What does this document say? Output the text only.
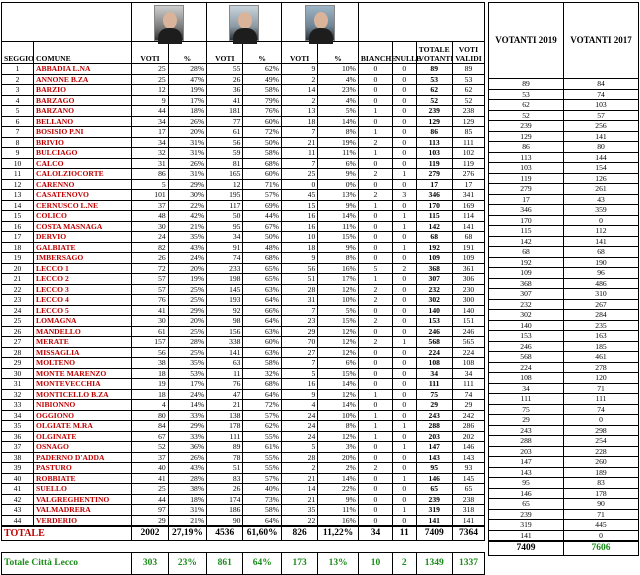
SEGGIO	COMUNE	VOTI	%	VOTI	%	VOTI	%	BIANCHE	NULLE	TOTALE VOTANTI	VOTI VALIDI
1	ABBADIA L.NA	25	28%	55	62%	9	10%	0	0	89	89
2	ANNONE B.ZA	25	47%	26	49%	2	4%	0	0	53	53
3	BARZIO	12	19%	36	58%	14	23%	0	0	62	62
4	BARZAGO	9	17%	41	79%	2	4%	0	0	52	52
5	BARZANO	44	18%	181	76%	13	5%	1	0	239	238
6	BELLANO	34	26%	77	60%	18	14%	0	0	129	129
7	BOSISIO P.NI	17	20%	61	72%	7	8%	1	0	86	85
8	BRIVIO	34	31%	56	50%	21	19%	2	0	113	111
9	BULCIAGO	32	31%	59	58%	11	11%	1	0	103	102
10	CALCO	31	26%	81	68%	7	6%	0	0	119	119
11	CALOLZIOCORTE	86	31%	165	60%	25	9%	2	1	279	276
12	CARENNO	5	29%	12	71%	0	0%	0	0	17	17
13	CASATENOVO	101	30%	195	57%	45	13%	2	3	346	341
14	CERNUSCO L.NE	37	22%	117	69%	15	9%	1	0	170	169
15	COLICO	48	42%	50	44%	16	14%	0	1	115	114
16	COSTA MASNAGA	30	21%	95	67%	16	11%	0	1	142	141
17	DERVIO	24	35%	34	50%	10	15%	0	0	68	68
18	GALBIATE	82	43%	91	48%	18	9%	0	1	192	191
19	IMBERSAGO	26	24%	74	68%	9	8%	0	0	109	109
20	LECCO 1	72	20%	233	65%	56	16%	5	2	368	361
21	LECCO 2	57	19%	198	65%	51	17%	1	0	307	306
22	LECCO 3	57	25%	145	63%	28	12%	2	0	232	230
23	LECCO 4	76	25%	193	64%	31	10%	2	0	302	300
24	LECCO 5	41	29%	92	66%	7	5%	0	0	140	140
25	LOMAGNA	30	20%	98	64%	23	15%	2	0	153	151
26	MANDELLO	61	25%	156	63%	29	12%	0	0	246	246
27	MERATE	157	28%	338	60%	70	12%	2	1	568	565
28	MISSAGLIA	56	25%	141	63%	27	12%	0	0	224	224
29	MOLTENO	38	35%	63	58%	7	6%	0	0	108	108
30	MONTE MARENZO	18	53%	11	32%	5	15%	0	0	34	34
31	MONTEVECCHIA	19	17%	76	68%	16	14%	0	0	111	111
32	MONTICELLO B.ZA	18	24%	47	64%	9	12%	1	0	75	74
33	NIBIONNO	4	14%	21	72%	4	14%	0	0	29	29
34	OGGIONO	80	33%	138	57%	24	10%	1	0	243	242
35	OLGIATE M.RA	84	29%	178	62%	24	8%	1	1	288	286
36	OLGINATE	67	33%	111	55%	24	12%	1	0	203	202
37	OSNAGO	52	36%	89	61%	5	3%	0	1	147	146
38	PADERNO D'ADDA	37	26%	78	55%	28	20%	0	0	143	143
39	PASTURO	40	43%	51	55%	2	2%	2	0	95	93
40	ROBBIATE	41	28%	83	57%	21	14%	0	1	146	145
41	SUELLO	25	38%	26	40%	14	22%	0	0	65	65
42	VALGREGHENTINO	44	18%	174	73%	21	9%	0	0	239	238
43	VALMADRERA	97	31%	186	58%	35	11%	0	1	319	318
44	VERDERIO	29	21%	90	64%	22	16%	0	0	141	141
TOTALE		2002	27,19%	4536	61,60%	826	11,22%	34	11	7409	7364

Totale Città Lecco		303	23%	861	64%	173	13%	10	2	1349	1337
VOTANTI 2019	VOTANTI 2017
89	84
53	74
62	103
52	57
239	256
129	141
86	80
113	144
103	154
119	126
279	261
17	43
346	359
170	0
115	112
142	141
68	68
192	190
109	96
368	486
307	310
232	267
302	284
140	235
153	163
246	185
568	461
224	278
108	120
34	71
111	111
75	74
29	0
243	298
288	254
203	228
147	260
143	189
95	83
146	178
65	90
239	71
319	445
141	0
7409	7606
